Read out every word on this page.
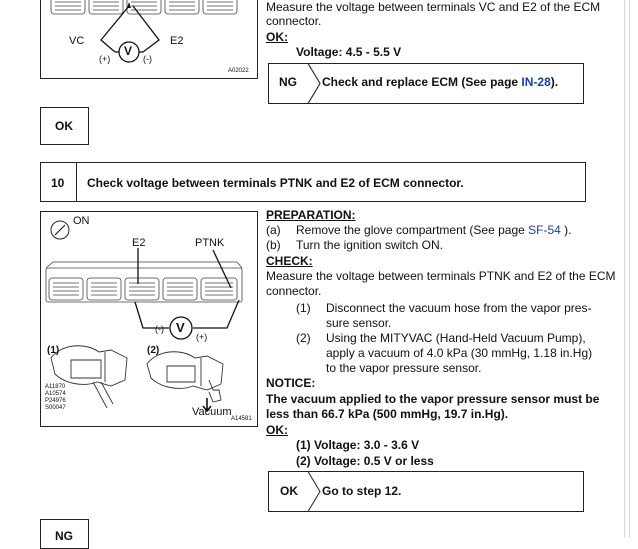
VC	E2
V
(+)	(-)
A02022
Measure the voltage between terminals VC and E2 of the ECM
connector.
OK:
Voltage: 4.5 - 5.5 V
NG Check and replace ECM (See page IN-28).
OK
10 Check voltage between terminals PTNK and E2 of ECM connector.
ON
E2	PTNK
V
(-)
(+)
(1)	(2)
A11870
A10574
P24976
S00047	Vacuum
A14581
PREPARATION:
(a) Remove the glove compartment (See page SF-54 ).
(b) Turn the ignition switch ON.
CHECK:
Measure the voltage between terminals PTNK and E2 of the ECM
connector.
(1) Disconnect the vacuum hose from the vapor pres-
sure sensor.
(2) Using the MITYVAC (Hand-Held Vacuum Pump),
apply a vacuum of 4.0 kPa (30 mmHg, 1.18 in.Hg)
to the vapor pressure sensor.
NOTICE:
The vacuum applied to the vapor pressure sensor must be
less than 66.7 kPa (500 mmHg, 19.7 in.Hg).
OK:
(1) Voltage: 3.0 - 3.6 V
(2) Voltage: 0.5 V or less
OK Go to step 12.
NG
